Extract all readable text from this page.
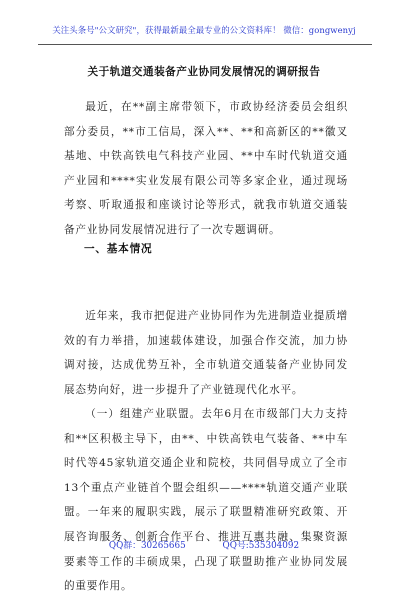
关注头条号"公文研究"，获得最新最全最专业的公文资料库！ 微信：gongwenyj
关于轨道交通装备产业协同发展情况的调研报告

最近，在**副主席带领下，市政协经济委员会组织部分委员，**市工信局，深入**、**和高新区的**徽叉基地、中铁高铁电气科技产业园、**中车时代轨道交通产业园和****实业发展有限公司等多家企业，通过现场考察、听取通报和座谈讨论等形式，就我市轨道交通装备产业协同发展情况进行了一次专题调研。

一、基本情况

近年来，我市把促进产业协同作为先进制造业提质增效的有力举措，加速载体建设，加强合作交流，加力协调对接，达成优势互补，全市轨道交通装备产业协同发展态势向好，进一步提升了产业链现代化水平。

（一）组建产业联盟。去年6月在市级部门大力支持和**区积极主导下，由**、中铁高铁电气装备、**中车时代等45家轨道交通企业和院校，共同倡导成立了全市13个重点产业链首个盟会组织——****轨道交通产业联盟。一年来的履职实践，展示了联盟精准研究政策、开展咨询服务、创新合作平台、推进互惠共融、集聚资源要素等工作的丰硕成果，凸现了联盟助推产业协同发展的重要作用。

QQ群：30265665	QQ号:535304092
